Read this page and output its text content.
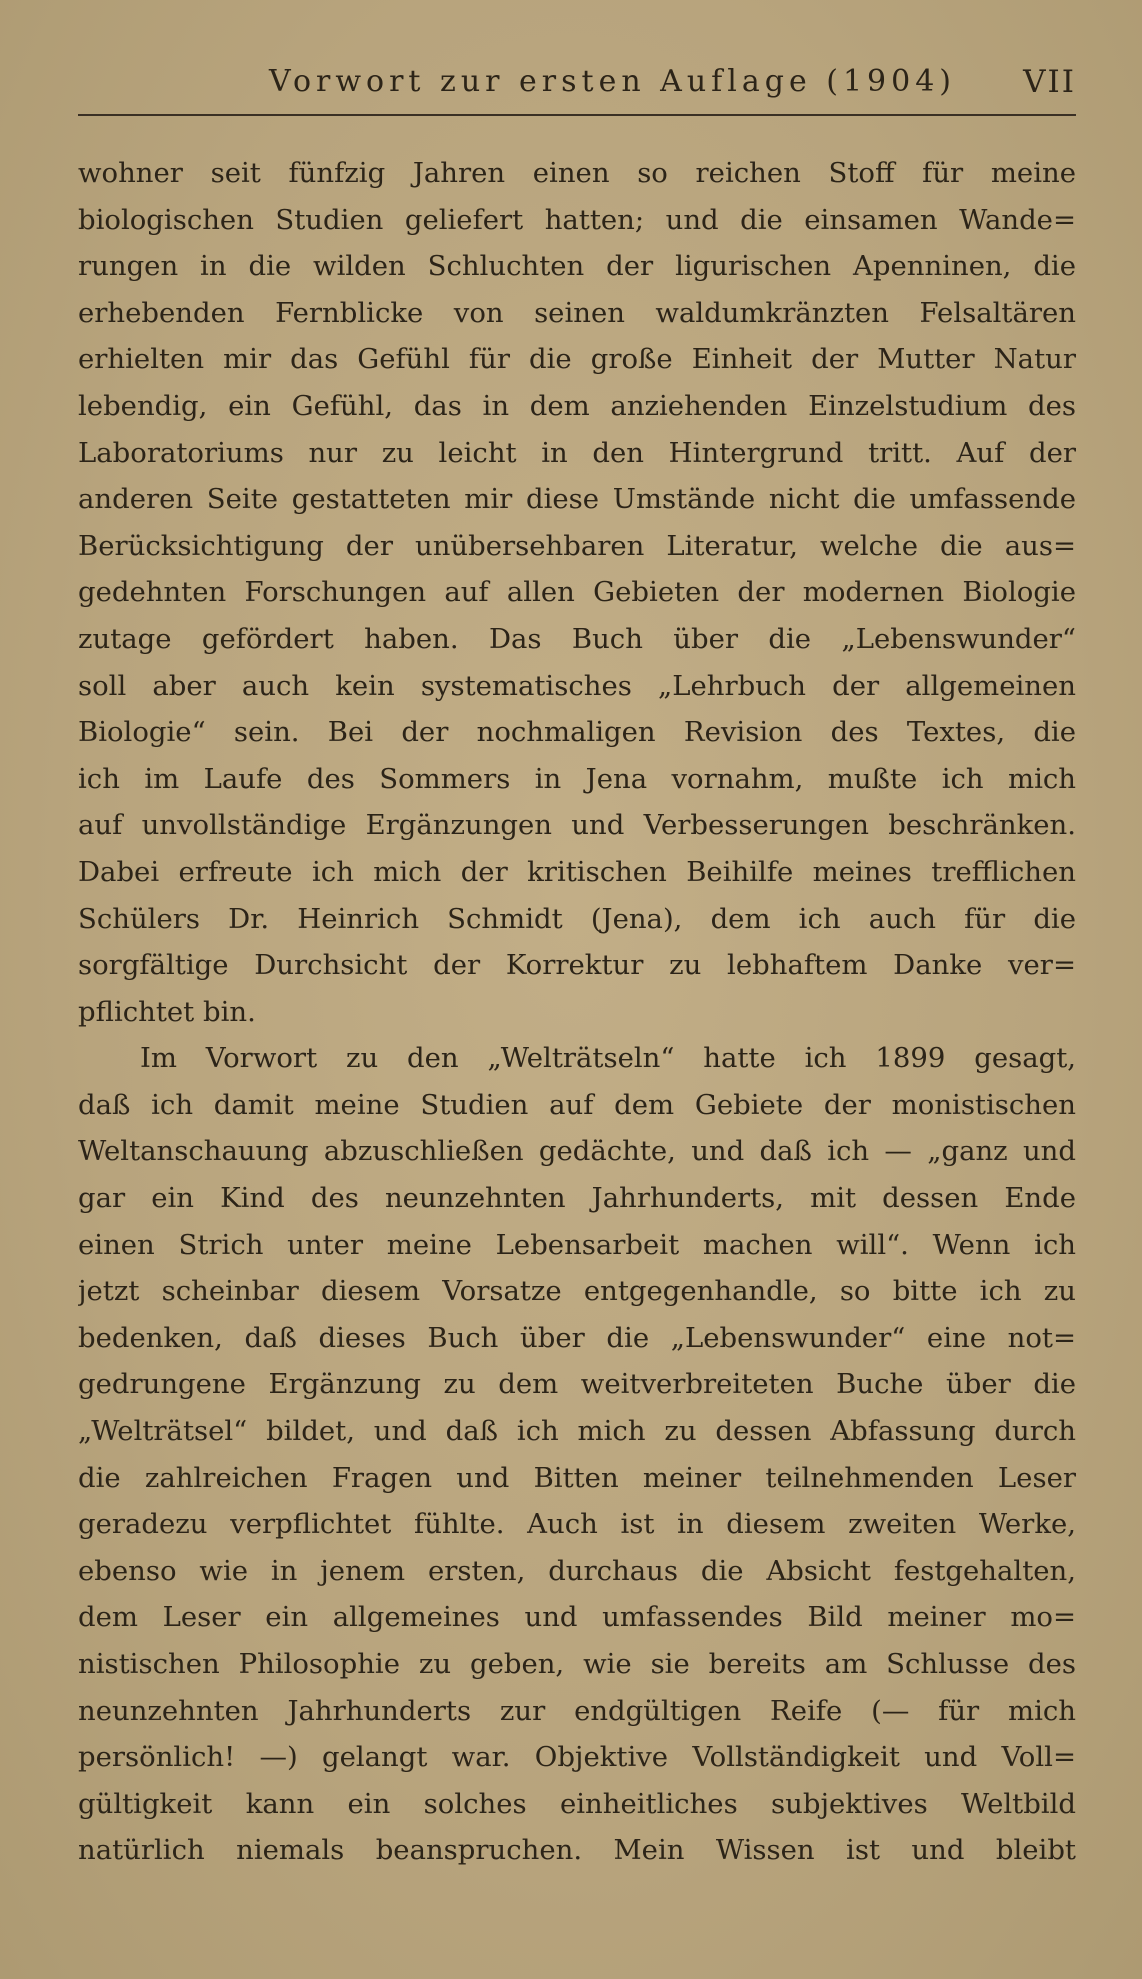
Vorwort zur ersten Auflage (1904) VII
wohner seit fünfzig Jahren einen so reichen Stoff für meine
biologischen Studien geliefert hatten; und die einsamen Wande=
rungen in die wilden Schluchten der ligurischen Apenninen, die
erhebenden Fernblicke von seinen waldumkränzten Felsaltären
erhielten mir das Gefühl für die große Einheit der Mutter Natur
lebendig, ein Gefühl, das in dem anziehenden Einzelstudium des
Laboratoriums nur zu leicht in den Hintergrund tritt. Auf der
anderen Seite gestatteten mir diese Umstände nicht die umfassende
Berücksichtigung der unübersehbaren Literatur, welche die aus=
gedehnten Forschungen auf allen Gebieten der modernen Biologie
zutage gefördert haben. Das Buch über die „Lebenswunder“
soll aber auch kein systematisches „Lehrbuch der allgemeinen
Biologie“ sein. Bei der nochmaligen Revision des Textes, die
ich im Laufe des Sommers in Jena vornahm, mußte ich mich
auf unvollständige Ergänzungen und Verbesserungen beschränken.
Dabei erfreute ich mich der kritischen Beihilfe meines trefflichen
Schülers Dr. Heinrich Schmidt (Jena), dem ich auch für die
sorgfältige Durchsicht der Korrektur zu lebhaftem Danke ver=
pflichtet bin.
Im Vorwort zu den „Welträtseln“ hatte ich 1899 gesagt,
daß ich damit meine Studien auf dem Gebiete der monistischen
Weltanschauung abzuschließen gedächte, und daß ich — „ganz und
gar ein Kind des neunzehnten Jahrhunderts, mit dessen Ende
einen Strich unter meine Lebensarbeit machen will“. Wenn ich
jetzt scheinbar diesem Vorsatze entgegenhandle, so bitte ich zu
bedenken, daß dieses Buch über die „Lebenswunder“ eine not=
gedrungene Ergänzung zu dem weitverbreiteten Buche über die
„Welträtsel“ bildet, und daß ich mich zu dessen Abfassung durch
die zahlreichen Fragen und Bitten meiner teilnehmenden Leser
geradezu verpflichtet fühlte. Auch ist in diesem zweiten Werke,
ebenso wie in jenem ersten, durchaus die Absicht festgehalten,
dem Leser ein allgemeines und umfassendes Bild meiner mo=
nistischen Philosophie zu geben, wie sie bereits am Schlusse des
neunzehnten Jahrhunderts zur endgültigen Reife (— für mich
persönlich! —) gelangt war. Objektive Vollständigkeit und Voll=
gültigkeit kann ein solches einheitliches subjektives Weltbild
natürlich niemals beanspruchen. Mein Wissen ist und bleibt
